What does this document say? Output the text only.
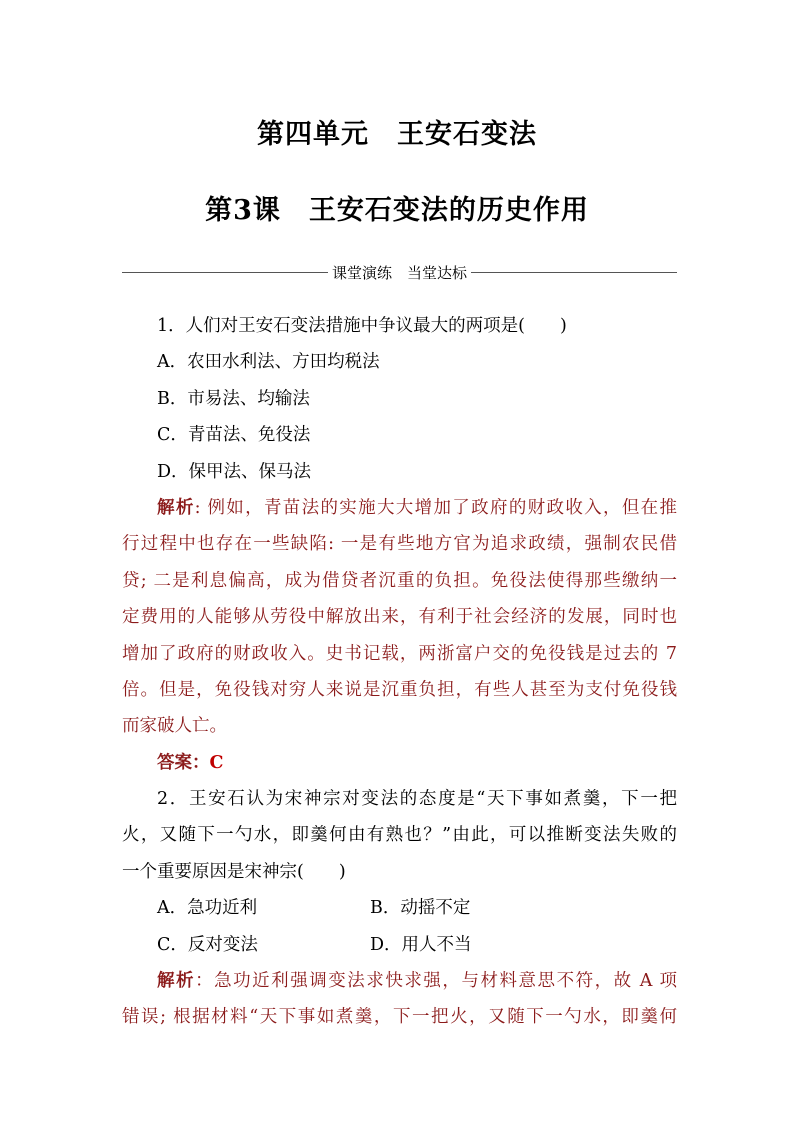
第四单元　王安石变法
第3课　王安石变法的历史作用
课堂演练　当堂达标
1．人们对王安石变法措施中争议最大的两项是(　　)
A．农田水利法、方田均税法
B．市易法、均输法
C．青苗法、免役法
D．保甲法、保马法
解析: 例如，青苗法的实施大大增加了政府的财政收入，但在推
行过程中也存在一些缺陷: 一是有些地方官为追求政绩，强制农民借
贷; 二是利息偏高，成为借贷者沉重的负担。免役法使得那些缴纳一
定费用的人能够从劳役中解放出来，有利于社会经济的发展，同时也
增加了政府的财政收入。史书记载，两浙富户交的免役钱是过去的 7
倍。但是，免役钱对穷人来说是沉重负担，有些人甚至为支付免役钱
而家破人亡。
答案：C
2．王安石认为宋神宗对变法的态度是“天下事如煮羹，下一把
火，又随下一勺水，即羹何由有熟也？”由此，可以推断变法失败的
一个重要原因是宋神宗(　　)
A．急功近利	B．动摇不定
C．反对变法	D．用人不当
解析：急功近利强调变法求快求强，与材料意思不符，故 A 项
错误; 根据材料“天下事如煮羹，下一把火，又随下一勺水，即羹何
